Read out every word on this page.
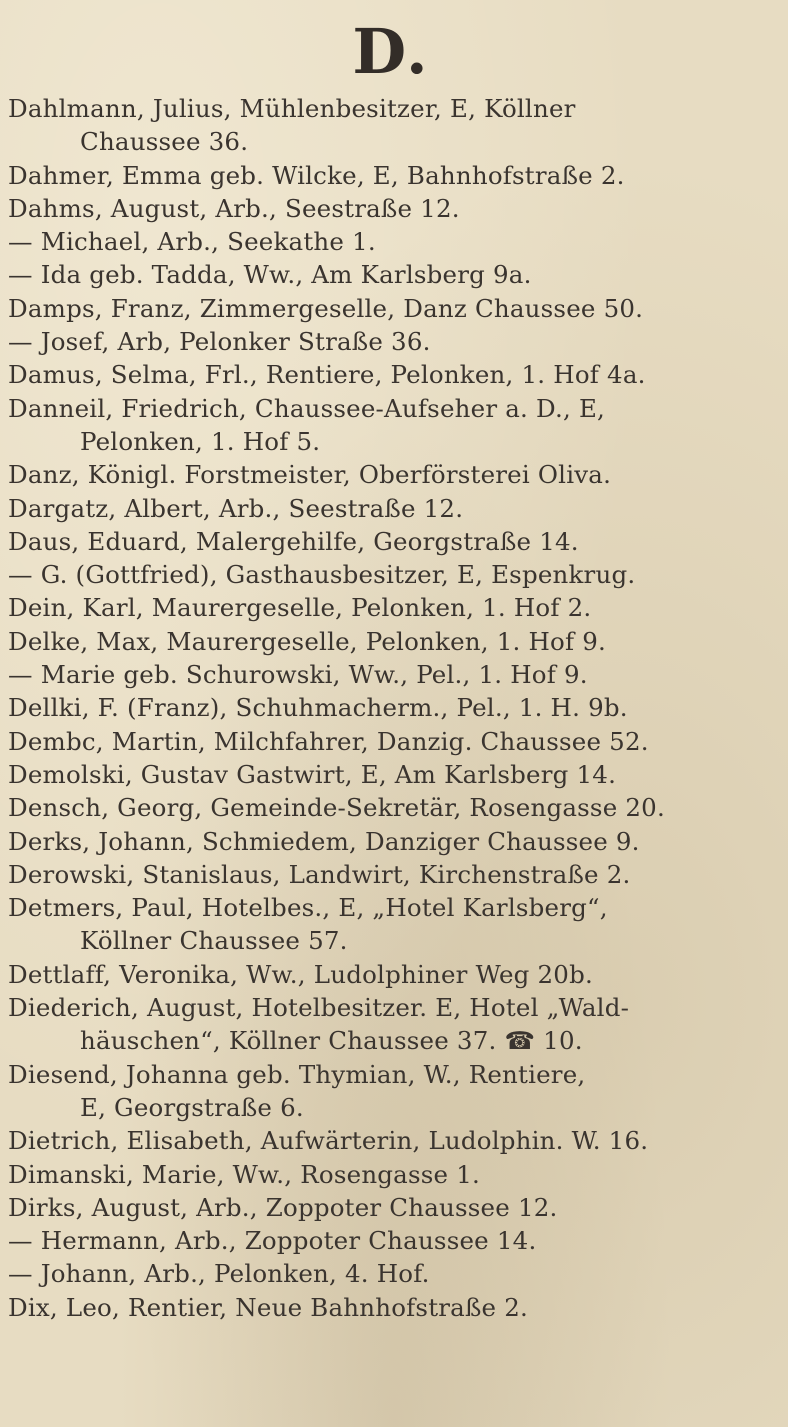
D.
Dahlmann, Julius, Mühlenbesitzer, E, Köllner
Chaussee 36.
Dahmer, Emma geb. Wilcke, E, Bahnhofstraße 2.
Dahms, August, Arb., Seestraße 12.
— Michael, Arb., Seekathe 1.
— Ida geb. Tadda, Ww., Am Karlsberg 9a.
Damps, Franz, Zimmergeselle, Danz Chaussee 50.
— Josef, Arb, Pelonker Straße 36.
Damus, Selma, Frl., Rentiere, Pelonken, 1. Hof 4a.
Danneil, Friedrich, Chaussee-Aufseher a. D., E,
Pelonken, 1. Hof 5.
Danz, Königl. Forstmeister, Oberförsterei Oliva.
Dargatz, Albert, Arb., Seestraße 12.
Daus, Eduard, Malergehilfe, Georgstraße 14.
— G. (Gottfried), Gasthausbesitzer, E, Espenkrug.
Dein, Karl, Maurergeselle, Pelonken, 1. Hof 2.
Delke, Max, Maurergeselle, Pelonken, 1. Hof 9.
— Marie geb. Schurowski, Ww., Pel., 1. Hof 9.
Dellki, F. (Franz), Schuhmacherm., Pel., 1. H. 9b.
Dembc, Martin, Milchfahrer, Danzig. Chaussee 52.
Demolski, Gustav Gastwirt, E, Am Karlsberg 14.
Densch, Georg, Gemeinde-Sekretär, Rosengasse 20.
Derks, Johann, Schmiedem, Danziger Chaussee 9.
Derowski, Stanislaus, Landwirt, Kirchenstraße 2.
Detmers, Paul, Hotelbes., E, „Hotel Karlsberg“,
Köllner Chaussee 57.
Dettlaff, Veronika, Ww., Ludolphiner Weg 20b.
Diederich, August, Hotelbesitzer. E, Hotel „Wald-
häuschen“, Köllner Chaussee 37. ☎ 10.
Diesend, Johanna geb. Thymian, W., Rentiere,
E, Georgstraße 6.
Dietrich, Elisabeth, Aufwärterin, Ludolphin. W. 16.
Dimanski, Marie, Ww., Rosengasse 1.
Dirks, August, Arb., Zoppoter Chaussee 12.
— Hermann, Arb., Zoppoter Chaussee 14.
— Johann, Arb., Pelonken, 4. Hof.
Dix, Leo, Rentier, Neue Bahnhofstraße 2.
